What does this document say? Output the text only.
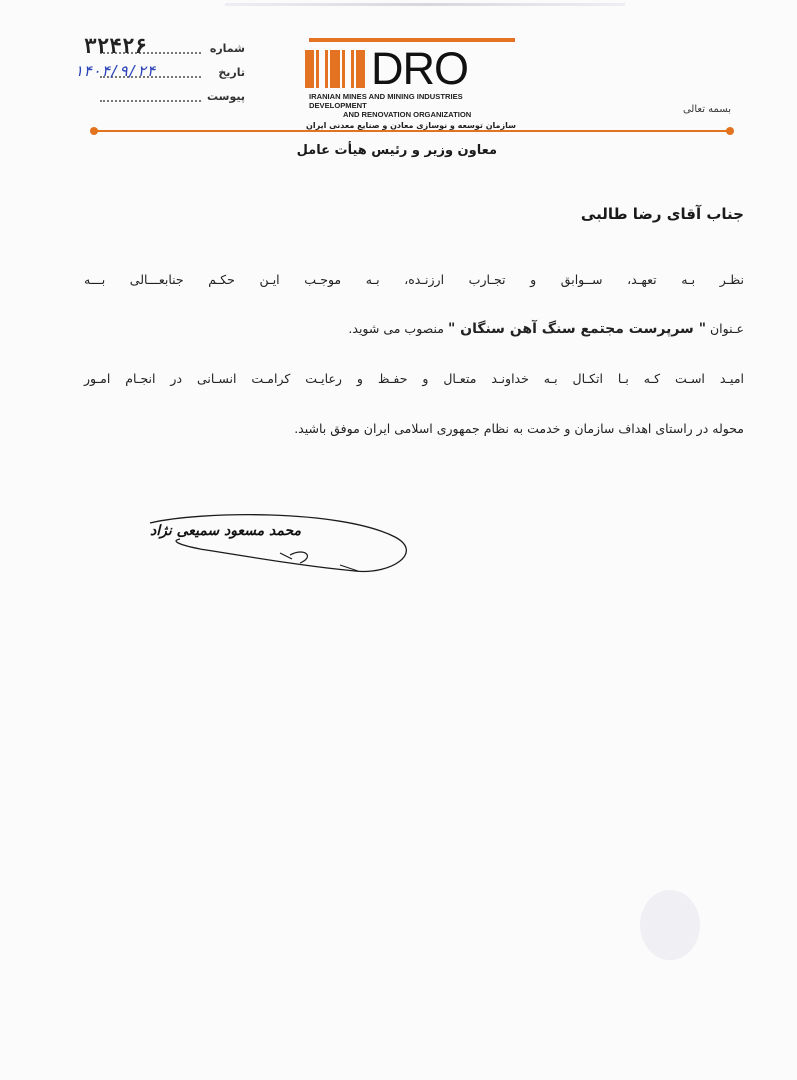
شماره
۳۲۴۲۶
تاریخ
۱۴۰۴/۹/۲۴
پیوست
DRO
IRANIAN MINES AND MINING INDUSTRIES DEVELOPMENT
AND RENOVATION ORGANIZATION
سازمان توسعه و نوسازی معادن و صنایع معدنی ایران
بسمه تعالی
معاون وزیر و رئیس هیأت عامل
جناب آقای رضا طالبی
نظـر بـه تعهـد، ســوابق و تجـارب ارزنـده، بـه موجـب ایـن حکـم جنابعـــالی بـــه
عـنوان " سرپرست مجتمع سنگ آهن سنگان " منصوب می شوید.
امیـد اسـت کـه بـا اتکـال بـه خداونـد متعـال و حفـظ و رعایـت کرامـت انسـانی در انجـام امـور
محوله در راستای اهداف سازمان و خدمت به نظام جمهوری اسلامی ایران موفق باشید.
محمد مسعود سمیعی نژاد
